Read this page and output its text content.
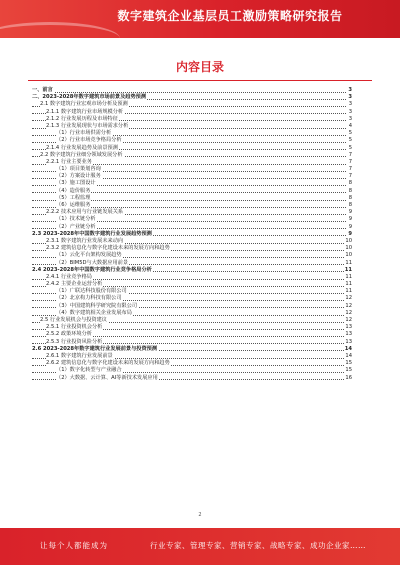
数字建筑企业基层员工激励策略研究报告
内容目录
一、前言	3
二、2023-2028年数字建筑市场前景及趋势预测	3
2.1 数字建筑行业宏观市场分析及预测	3
2.1.1 数字建筑行业市场规模分析	3
2.1.2 行业发展历程及市场特征	3
2.1.3 行业发展现状与市场需求分析	4
（1）行业市场供需分析	5
（2）行业市场竞争格局分析	5
2.1.4 行业发展趋势及前景预测	5
2.2 数字建筑行业细分领域发展分析	7
2.2.1 行业主要业务	7
（1）项目策划咨询	7
（2）方案设计服务	7
（3）施工图设计	8
（4）造价服务	8
（5）工程监理	8
（6）运维服务	8
2.2.2 技术应用与行业链发展关系	9
（1）技术链分析	9
（2）产业链分析	9
2.3 2023-2028年中国数字建筑行业发展趋势预测	9
2.3.1 数字建筑行业发展未来动向	10
2.3.2 建筑信息化与数字化建设未来的发展方向和趋势	10
（1）云化平台架构发展趋势	10
（2）BIM5D与大数据应用前景	11
2.4 2023-2028年中国数字建筑行业竞争格局分析	11
2.4.1 行业竞争格局	11
2.4.2 主要企业运营分析	11
（1）广联达科技股份有限公司	11
（2）北京构力科技有限公司	12
（3）中国建筑科学研究院有限公司	12
（4）数字建筑相关企业发展布局	12
2.5 行业发展机会与投资建议	12
2.5.1 行业投资机会分析	13
2.5.2 政策环境分析	13
2.5.3 行业投资风险分析	13
2.6 2023-2028年数字建筑行业发展前景与投资预测	14
2.6.1 数字建筑行业发展前景	14
2.6.2 建筑信息化与数字化建设未来的发展方向和趋势	15
（1）数字化转型与产业融合	15
（2）大数据、云计算、AI等新技术发展应用	16
2
让每个人都能成为	行业专家、管理专家、营销专家、战略专家、成功企业家……
